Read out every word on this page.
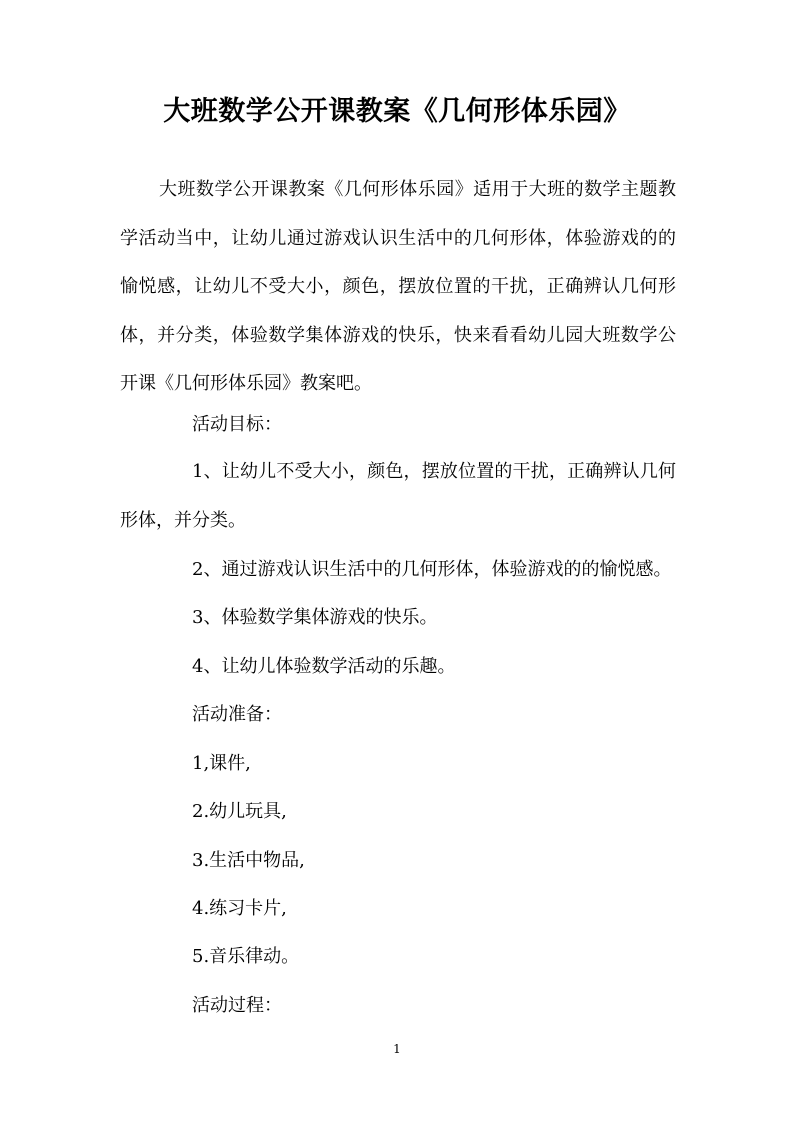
大班数学公开课教案《几何形体乐园》

大班数学公开课教案《几何形体乐园》适用于大班的数学主题教学活动当中，让幼儿通过游戏认识生活中的几何形体，体验游戏的的愉悦感，让幼儿不受大小，颜色，摆放位置的干扰，正确辨认几何形体，并分类，体验数学集体游戏的快乐，快来看看幼儿园大班数学公开课《几何形体乐园》教案吧。

活动目标：

1、让幼儿不受大小，颜色，摆放位置的干扰，正确辨认几何形体，并分类。

2、通过游戏认识生活中的几何形体，体验游戏的的愉悦感。

3、体验数学集体游戏的快乐。

4、让幼儿体验数学活动的乐趣。

活动准备：

1,课件,

2.幼儿玩具,

3.生活中物品,

4.练习卡片,

5.音乐律动。

活动过程：

1
